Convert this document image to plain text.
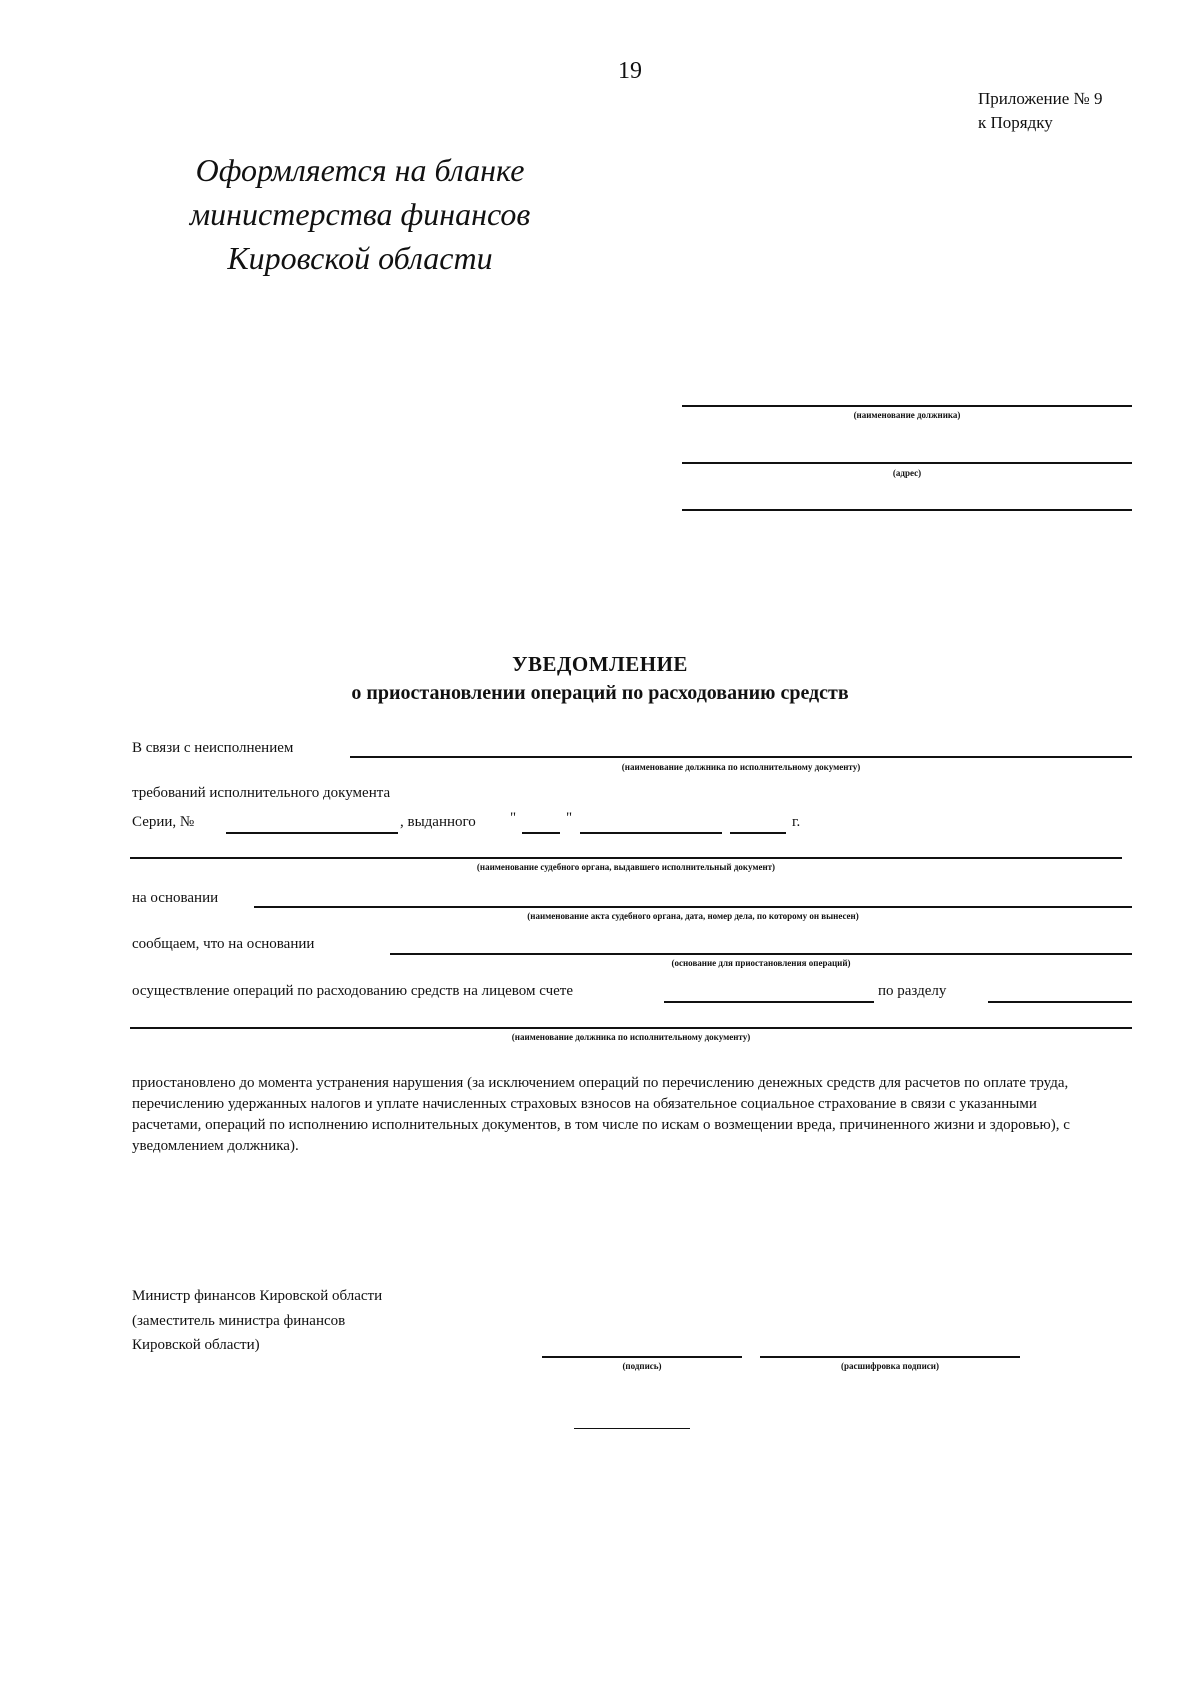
19
Приложение № 9
к Порядку
Оформляется на бланке
министерства финансов
Кировской области
(наименование должника)
(адрес)
УВЕДОМЛЕНИЕ
о приостановлении операций по расходованию средств
В связи с неисполнением
(наименование должника по исполнительному документу)
требований исполнительного документа
Серии, №	, выданного "	"	г.
(наименование судебного органа, выдавшего исполнительный документ)
на основании
(наименование акта судебного органа, дата, номер дела, по которому он вынесен)
сообщаем, что на основании
(основание для приостановления операций)
осуществление операций по расходованию средств на лицевом счете	по разделу
(наименование должника по исполнительному документу)
приостановлено до момента устранения нарушения (за исключением операций по перечислению денежных средств для расчетов по оплате труда,
перечислению удержанных налогов и уплате начисленных страховых взносов на обязательное социальное страхование в связи с указанными
расчетами, операций по исполнению исполнительных документов, в том числе по искам о возмещении вреда, причиненного жизни и здоровью), с
уведомлением должника).
Министр финансов Кировской области
(заместитель министра финансов
Кировской области)
(подпись)	(расшифровка подписи)
